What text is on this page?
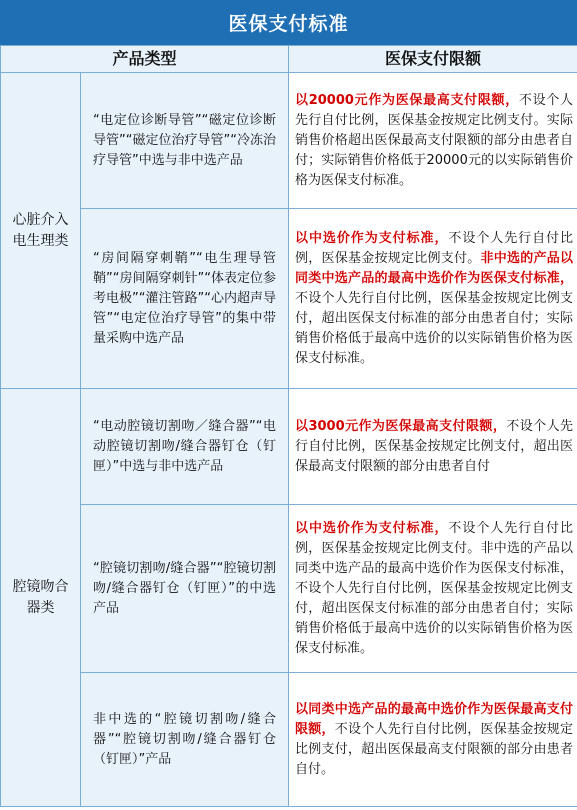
医保支付标准
产品类型		医保支付限额
心脏介入电生理类	“电定位诊断导管”“磁定位诊断导管”“磁定位治疗导管”“冷冻治疗导管”中选与非中选产品	以20000元作为医保最高支付限额，不设个人先行自付比例，医保基金按规定比例支付。实际销售价格超出医保最高支付限额的部分由患者自付；实际销售价格低于20000元的以实际销售价格为医保支付标准。
	“房间隔穿刺鞘”“电生理导管鞘”“房间隔穿刺针”“体表定位参考电极”“灌注管路”“心内超声导管”“电定位治疗导管”的集中带量采购中选产品	以中选价作为支付标准，不设个人先行自付比例，医保基金按规定比例支付。非中选的产品以同类中选产品的最高中选价作为医保支付标准，不设个人先行自付比例，医保基金按规定比例支付，超出医保支付标准的部分由患者自付；实际销售价格低于最高中选价的以实际销售价格为医保支付标准。
腔镜吻合器类	“电动腔镜切割吻／缝合器”“电动腔镜切割吻/缝合器钉仓（钉匣）”中选与非中选产品	以3000元作为医保最高支付限额，不设个人先行自付比例，医保基金按规定比例支付，超出医保最高支付限额的部分由患者自付
	“腔镜切割吻/缝合器”“腔镜切割吻/缝合器钉仓（钉匣）”的中选产品	以中选价作为支付标准，不设个人先行自付比例，医保基金按规定比例支付。非中选的产品以同类中选产品的最高中选价作为医保支付标准，不设个人先行自付比例，医保基金按规定比例支付，超出医保支付标准的部分由患者自付；实际销售价格低于最高中选价的以实际销售价格为医保支付标准。
	非中选的“腔镜切割吻/缝合器”“腔镜切割吻/缝合器钉仓（钉匣）”产品	以同类中选产品的最高中选价作为医保最高支付限额，不设个人先行自付比例，医保基金按规定比例支付，超出医保最高支付限额的部分由患者自付。
